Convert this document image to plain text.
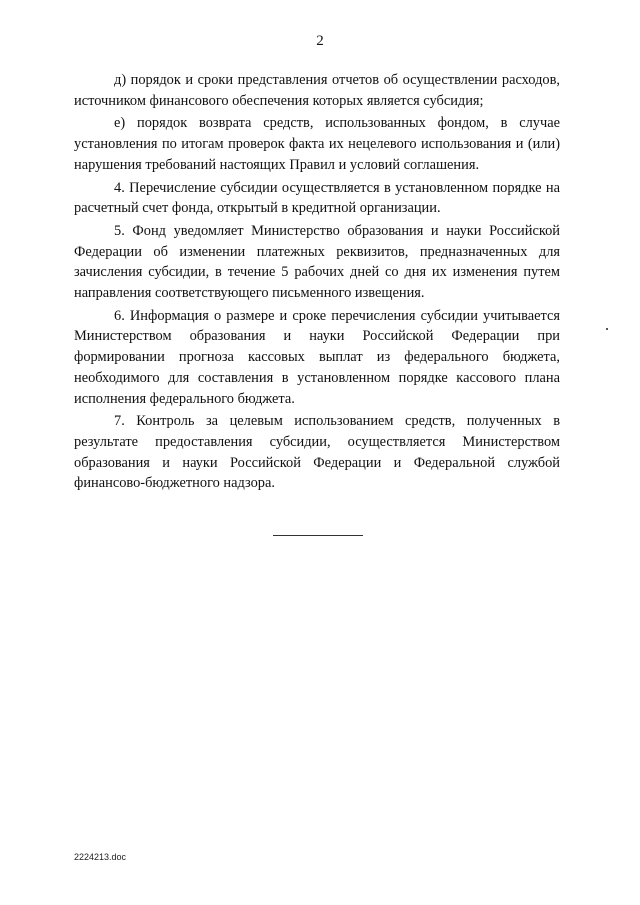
2

д) порядок и сроки представления отчетов об осуществлении расходов, источником финансового обеспечения которых является субсидия;

е) порядок возврата средств, использованных фондом, в случае установления по итогам проверок факта их нецелевого использования и (или) нарушения требований настоящих Правил и условий соглашения.

4. Перечисление субсидии осуществляется в установленном порядке на расчетный счет фонда, открытый в кредитной организации.

5. Фонд уведомляет Министерство образования и науки Российской Федерации об изменении платежных реквизитов, предназначенных для зачисления субсидии, в течение 5 рабочих дней со дня их изменения путем направления соответствующего письменного извещения.

6. Информация о размере и сроке перечисления субсидии учитывается Министерством образования и науки Российской Федерации при формировании прогноза кассовых выплат из федерального бюджета, необходимого для составления в установленном порядке кассового плана исполнения федерального бюджета.

7. Контроль за целевым использованием средств, полученных в результате предоставления субсидии, осуществляется Министерством образования и науки Российской Федерации и Федеральной службой финансово-бюджетного надзора.

2224213.doc
